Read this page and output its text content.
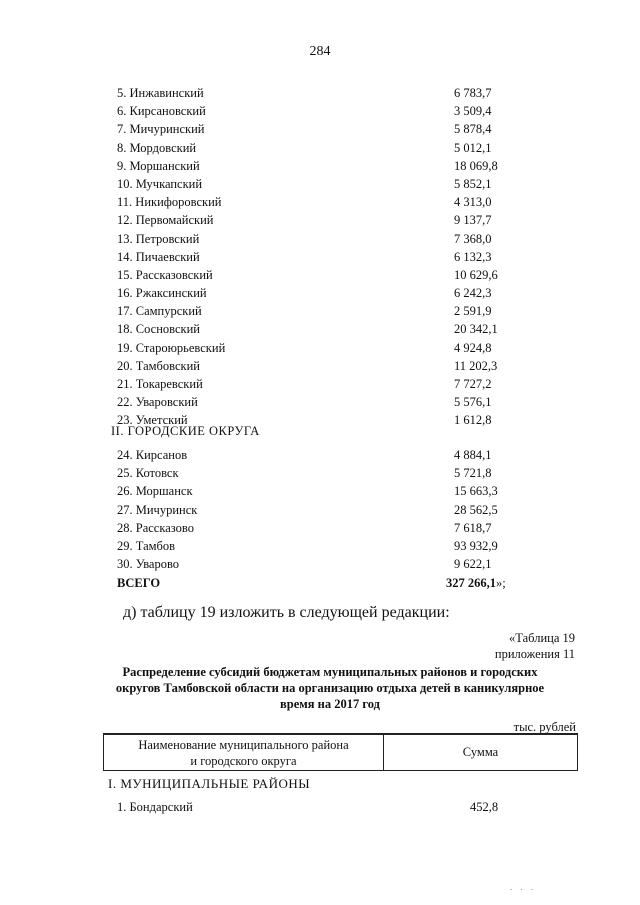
284
5. Инжавинский	6 783,7
6. Кирсановский	3 509,4
7. Мичуринский	5 878,4
8. Мордовский	5 012,1
9. Моршанский	18 069,8
10. Мучкапский	5 852,1
11. Никифоровский	4 313,0
12. Первомайский	9 137,7
13. Петровский	7 368,0
14. Пичаевский	6 132,3
15. Рассказовский	10 629,6
16. Ржаксинский	6 242,3
17. Сампурский	2 591,9
18. Сосновский	20 342,1
19. Староюрьевский	4 924,8
20. Тамбовский	11 202,3
21. Токаревский	7 727,2
22. Уваровский	5 576,1
23. Уметский	1 612,8
II. ГОРОДСКИЕ ОКРУГА
24. Кирсанов	4 884,1
25. Котовск	5 721,8
26. Моршанск	15 663,3
27. Мичуринск	28 562,5
28. Рассказово	7 618,7
29. Тамбов	93 932,9
30. Уварово	9 622,1
ВСЕГО	327 266,1»;
д) таблицу 19 изложить в следующей редакции:
«Таблица 19
приложения 11
Распределение субсидий бюджетам муниципальных районов и городских
округов Тамбовской области на организацию отдыха детей в каникулярное
время на 2017 год
тыс. рублей
Наименование муниципального района
и городского округа
Сумма
I. МУНИЦИПАЛЬНЫЕ РАЙОНЫ
1. Бондарский	452,8
. . .
